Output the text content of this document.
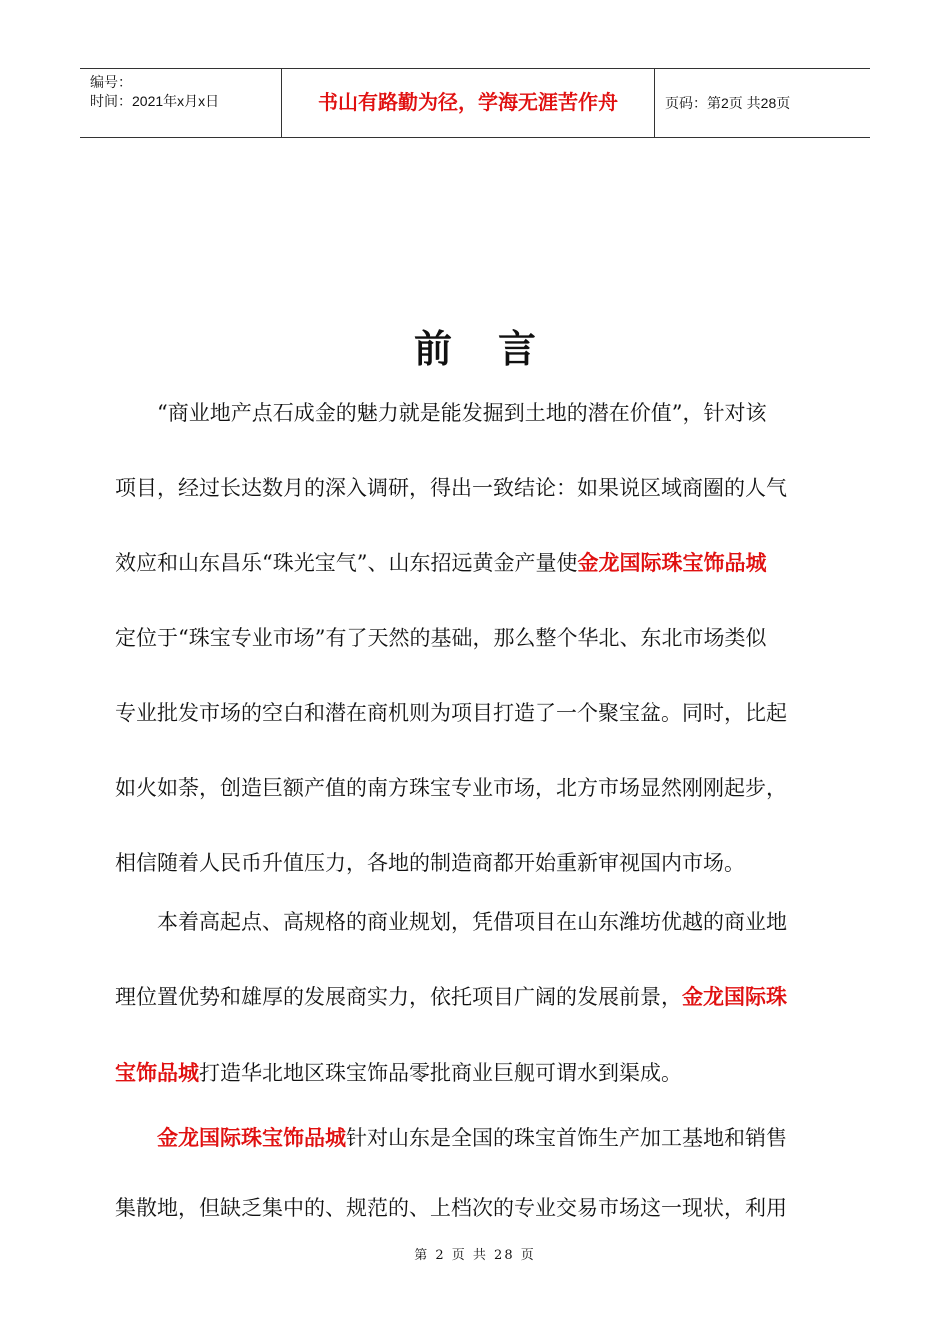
编号：
时间：2021年x月x日	书山有路勤为径，学海无涯苦作舟	页码：第2页 共28页
前言
“商业地产点石成金的魅力就是能发掘到土地的潜在价值”，针对该
项目，经过长达数月的深入调研，得出一致结论：如果说区域商圈的人气
效应和山东昌乐“珠光宝气”、山东招远黄金产量使金龙国际珠宝饰品城
定位于“珠宝专业市场”有了天然的基础，那么整个华北、东北市场类似
专业批发市场的空白和潜在商机则为项目打造了一个聚宝盆。同时，比起
如火如荼，创造巨额产值的南方珠宝专业市场，北方市场显然刚刚起步，
相信随着人民币升值压力，各地的制造商都开始重新审视国内市场。
本着高起点、高规格的商业规划，凭借项目在山东潍坊优越的商业地
理位置优势和雄厚的发展商实力，依托项目广阔的发展前景，金龙国际珠
宝饰品城打造华北地区珠宝饰品零批商业巨舰可谓水到渠成。
金龙国际珠宝饰品城针对山东是全国的珠宝首饰生产加工基地和销售
集散地，但缺乏集中的、规范的、上档次的专业交易市场这一现状，利用
第 2 页 共 28 页
